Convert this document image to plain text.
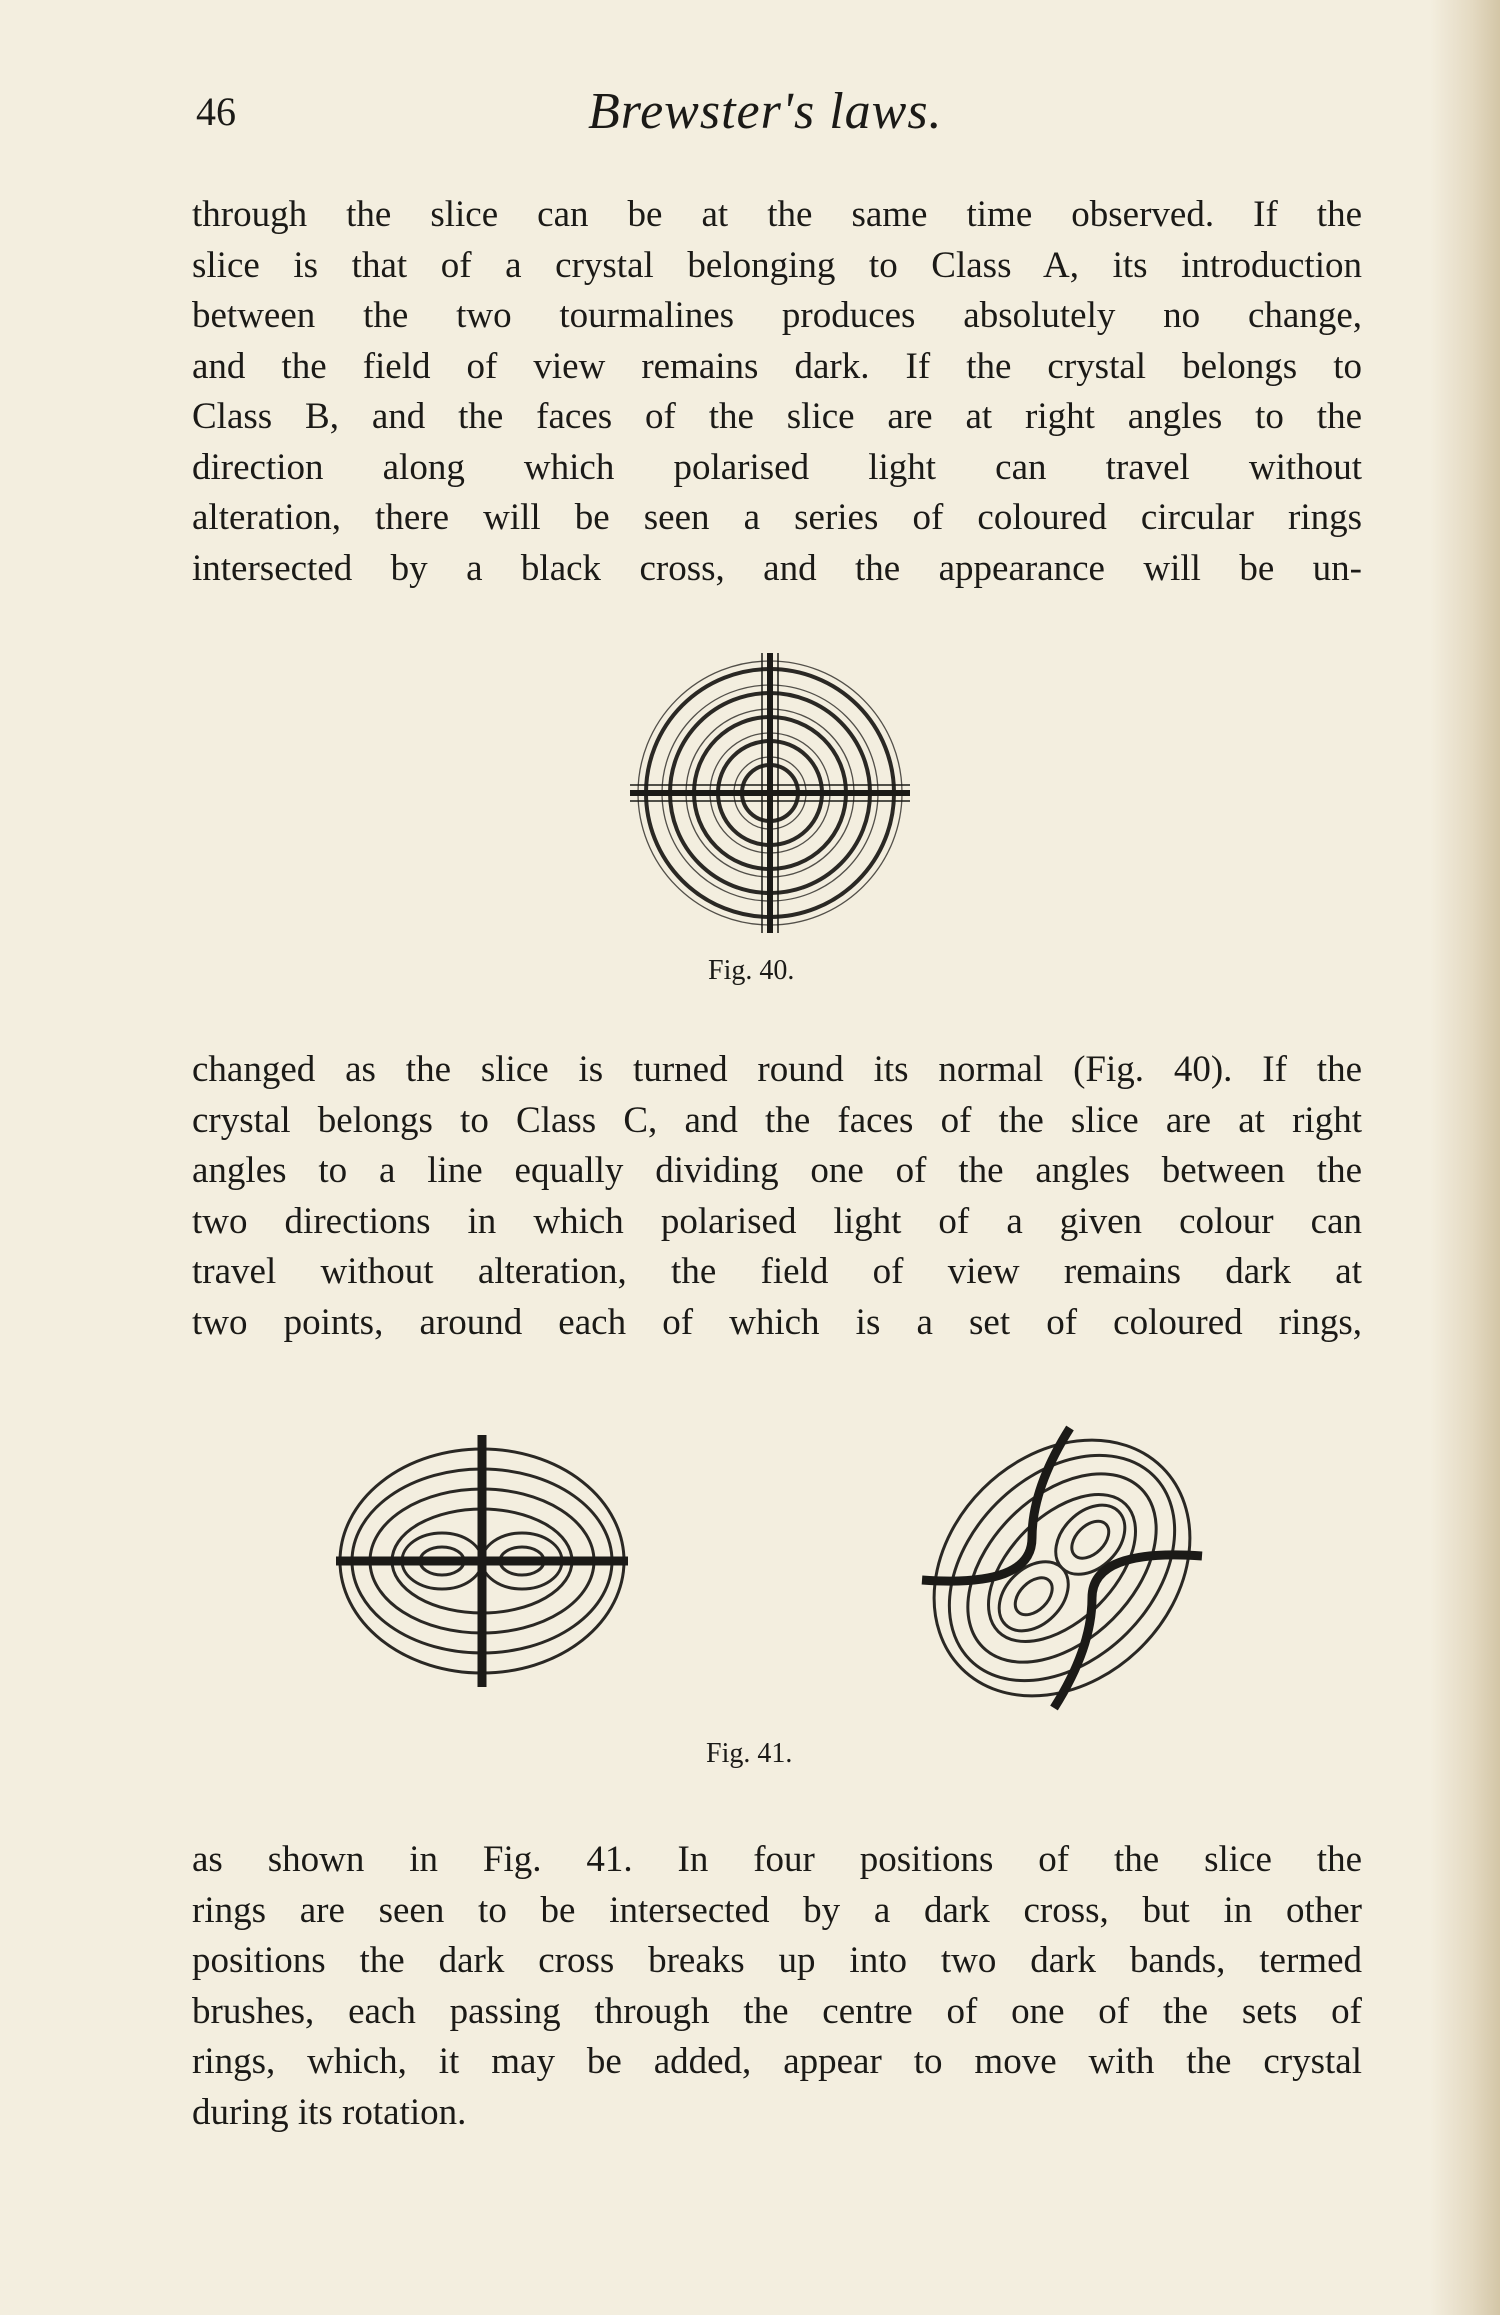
46	Brewster's laws.
through the slice can be at the same time observed. If the
slice is that of a crystal belonging to Class A, its introduction
between the two tourmalines produces absolutely no change,
and the field of view remains dark. If the crystal belongs to
Class B, and the faces of the slice are at right angles to the
direction along which polarised light can travel without
alteration, there will be seen a series of coloured circular rings
intersected by a black cross, and the appearance will be un-
Fig. 40.
changed as the slice is turned round its normal (Fig. 40). If the
crystal belongs to Class C, and the faces of the slice are at right
angles to a line equally dividing one of the angles between the
two directions in which polarised light of a given colour can
travel without alteration, the field of view remains dark at
two points, around each of which is a set of coloured rings,
Fig. 41.
as shown in Fig. 41. In four positions of the slice the
rings are seen to be intersected by a dark cross, but in other
positions the dark cross breaks up into two dark bands, termed
brushes, each passing through the centre of one of the sets of
rings, which, it may be added, appear to move with the crystal
during its rotation.
